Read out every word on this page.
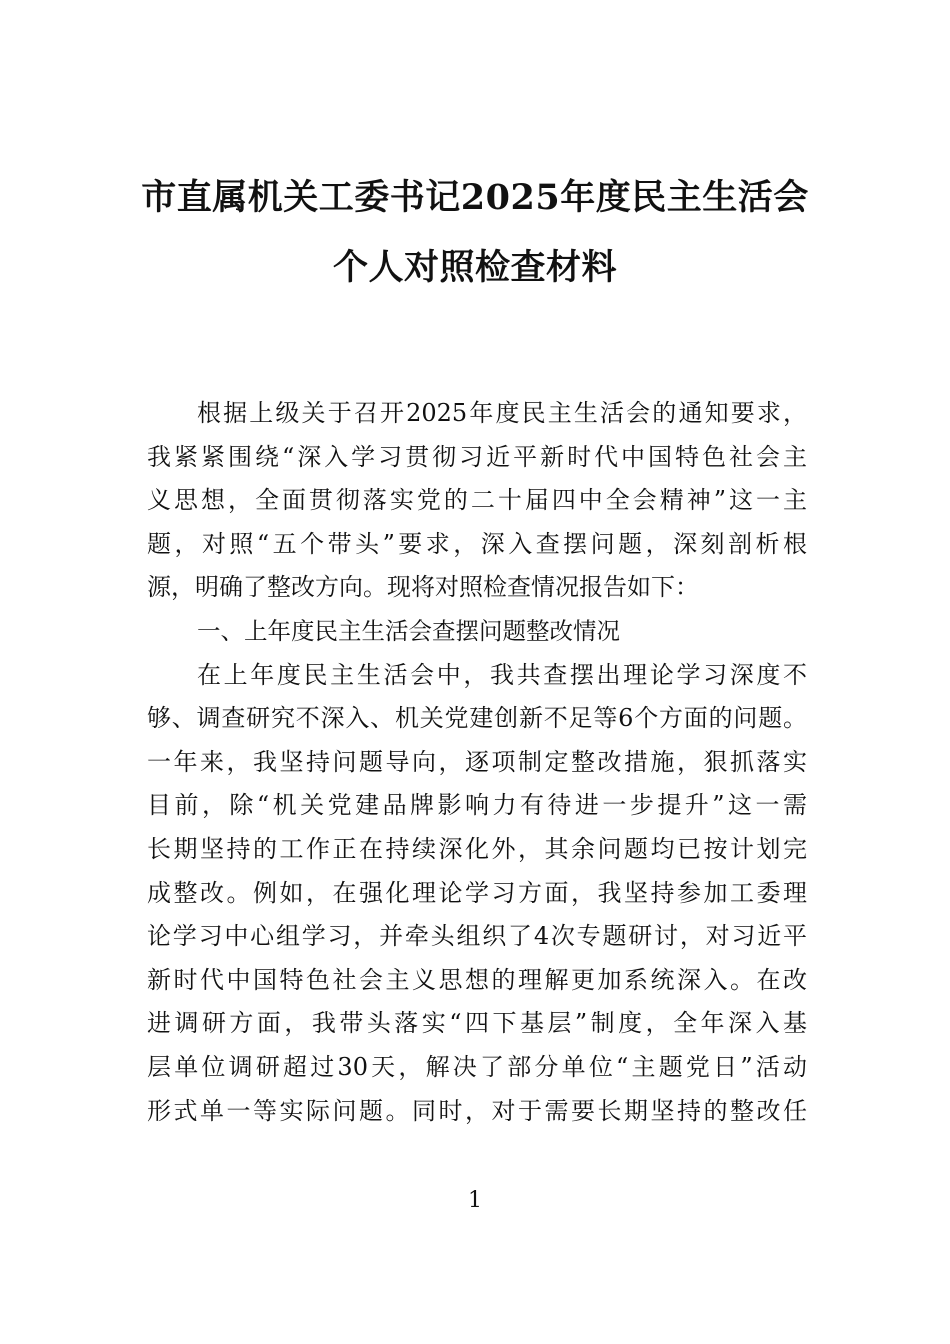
市直属机关工委书记2025年度民主生活会
个人对照检查材料
根据上级关于召开2025年度民主生活会的通知要求，
我紧紧围绕“深入学习贯彻习近平新时代中国特色社会主
义思想，全面贯彻落实党的二十届四中全会精神”这一主
题，对照“五个带头”要求，深入查摆问题，深刻剖析根
源，明确了整改方向。现将对照检查情况报告如下：
一、上年度民主生活会查摆问题整改情况
在上年度民主生活会中，我共查摆出理论学习深度不
够、调查研究不深入、机关党建创新不足等6个方面的问题。
一年来，我坚持问题导向，逐项制定整改措施，狠抓落实
目前，除“机关党建品牌影响力有待进一步提升”这一需
长期坚持的工作正在持续深化外，其余问题均已按计划完
成整改。例如，在强化理论学习方面，我坚持参加工委理
论学习中心组学习，并牵头组织了4次专题研讨，对习近平
新时代中国特色社会主义思想的理解更加系统深入。在改
进调研方面，我带头落实“四下基层”制度，全年深入基
层单位调研超过30天，解决了部分单位“主题党日”活动
形式单一等实际问题。同时，对于需要长期坚持的整改任
1
